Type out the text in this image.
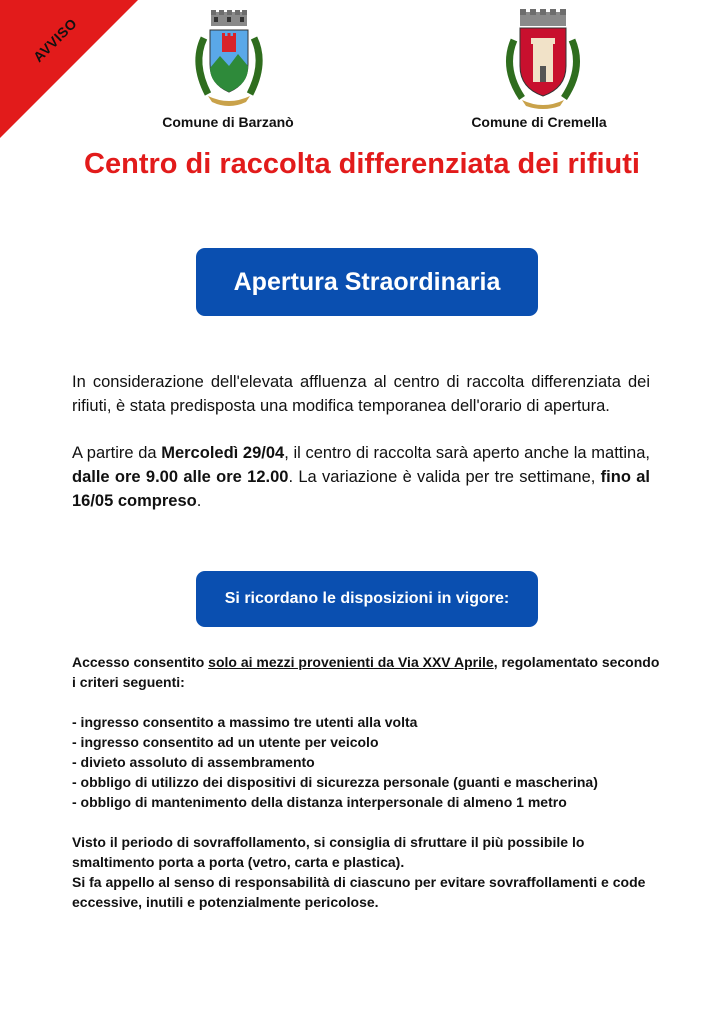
AVVISO
Comune di Barzanò	Comune di Cremella
Centro di raccolta differenziata dei rifiuti
Apertura Straordinaria

In considerazione dell'elevata affluenza al centro di raccolta differenziata dei rifiuti, è stata predisposta una modifica temporanea dell'orario di apertura.

A partire da Mercoledì 29/04, il centro di raccolta sarà aperto anche la mattina, dalle ore 9.00 alle ore 12.00. La variazione è valida per tre settimane, fino al 16/05 compreso.

Si ricordano le disposizioni in vigore:

Accesso consentito solo ai mezzi provenienti da Via XXV Aprile, regolamentato secondo i criteri seguenti:

- ingresso consentito a massimo tre utenti alla volta
- ingresso consentito ad un utente per veicolo
- divieto assoluto di assembramento
- obbligo di utilizzo dei dispositivi di sicurezza personale (guanti e mascherina)
- obbligo di mantenimento della distanza interpersonale di almeno 1 metro

Visto il periodo di sovraffollamento, si consiglia di sfruttare il più possibile lo smaltimento porta a porta (vetro, carta e plastica).

Si fa appello al senso di responsabilità di ciascuno per evitare sovraffollamenti e code eccessive, inutili e potenzialmente pericolose.
